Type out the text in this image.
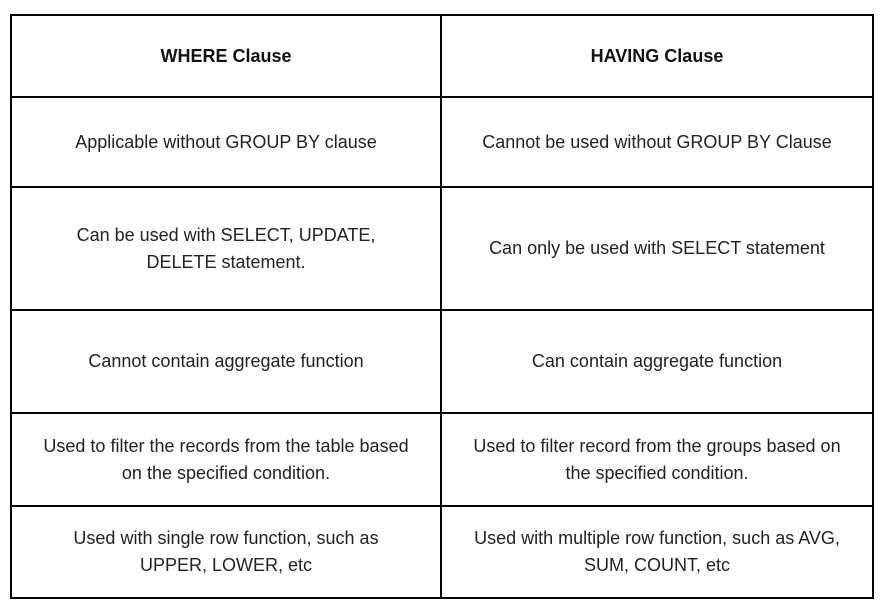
WHERE Clause	HAVING Clause
Applicable without GROUP BY clause	Cannot be used without GROUP BY Clause
Can be used with SELECT, UPDATE, DELETE statement.	Can only be used with SELECT statement
Cannot contain aggregate function	Can contain aggregate function
Used to filter the records from the table based on the specified condition.	Used to filter record from the groups based on the specified condition.
Used with single row function, such as UPPER, LOWER, etc	Used with multiple row function, such as AVG, SUM, COUNT, etc
